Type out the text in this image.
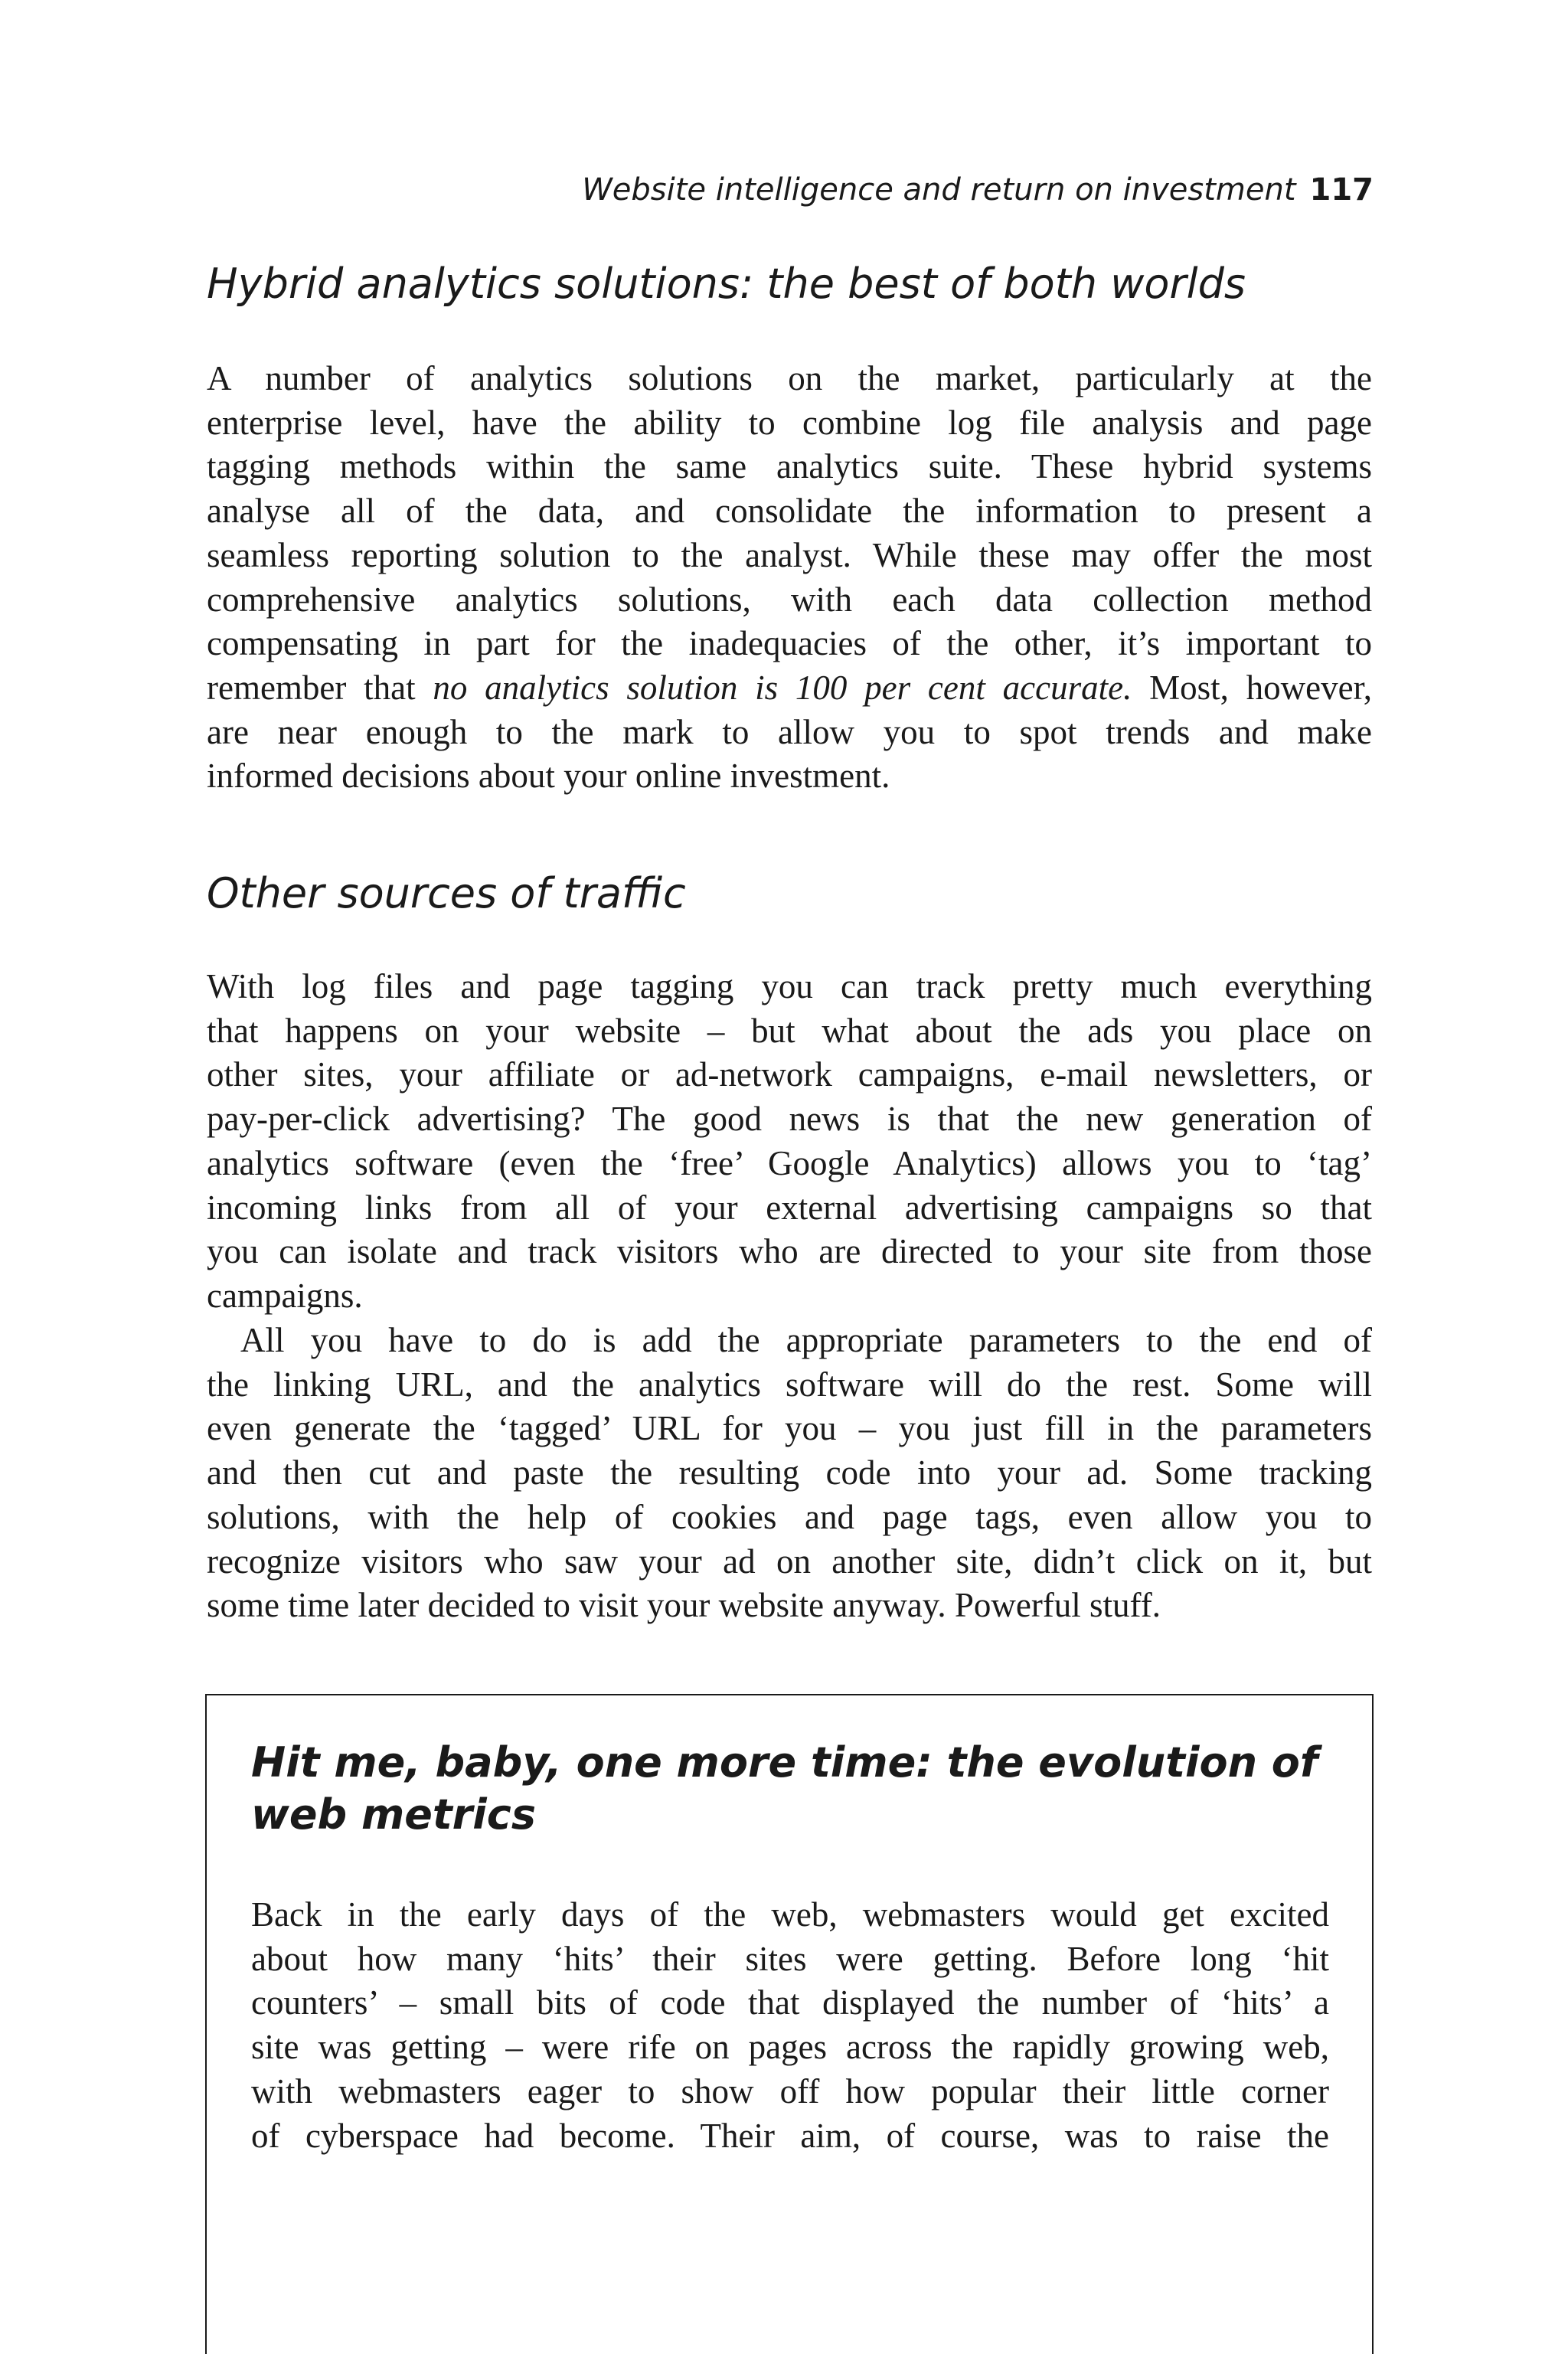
Website intelligence and return on investment 117
Hybrid analytics solutions: the best of both worlds

A number of analytics solutions on the market, particularly at the
enterprise level, have the ability to combine log file analysis and page
tagging methods within the same analytics suite. These hybrid systems
analyse all of the data, and consolidate the information to present a
seamless reporting solution to the analyst. While these may offer the most
comprehensive analytics solutions, with each data collection method
compensating in part for the inadequacies of the other, it’s important to
remember that no analytics solution is 100 per cent accurate. Most, however,
are near enough to the mark to allow you to spot trends and make
informed decisions about your online investment.

Other sources of traffic

With log files and page tagging you can track pretty much everything
that happens on your website – but what about the ads you place on
other sites, your affiliate or ad-network campaigns, e-mail newsletters, or
pay-per-click advertising? The good news is that the new generation of
analytics software (even the ‘free’ Google Analytics) allows you to ‘tag’
incoming links from all of your external advertising campaigns so that
you can isolate and track visitors who are directed to your site from those
campaigns.

All you have to do is add the appropriate parameters to the end of
the linking URL, and the analytics software will do the rest. Some will
even generate the ‘tagged’ URL for you – you just fill in the parameters
and then cut and paste the resulting code into your ad. Some tracking
solutions, with the help of cookies and page tags, even allow you to
recognize visitors who saw your ad on another site, didn’t click on it, but
some time later decided to visit your website anyway. Powerful stuff.

Hit me, baby, one more time: the evolution of
web metrics

Back in the early days of the web, webmasters would get excited
about how many ‘hits’ their sites were getting. Before long ‘hit
counters’ – small bits of code that displayed the number of ‘hits’ a
site was getting – were rife on pages across the rapidly growing web,
with webmasters eager to show off how popular their little corner
of cyberspace had become. Their aim, of course, was to raise the
